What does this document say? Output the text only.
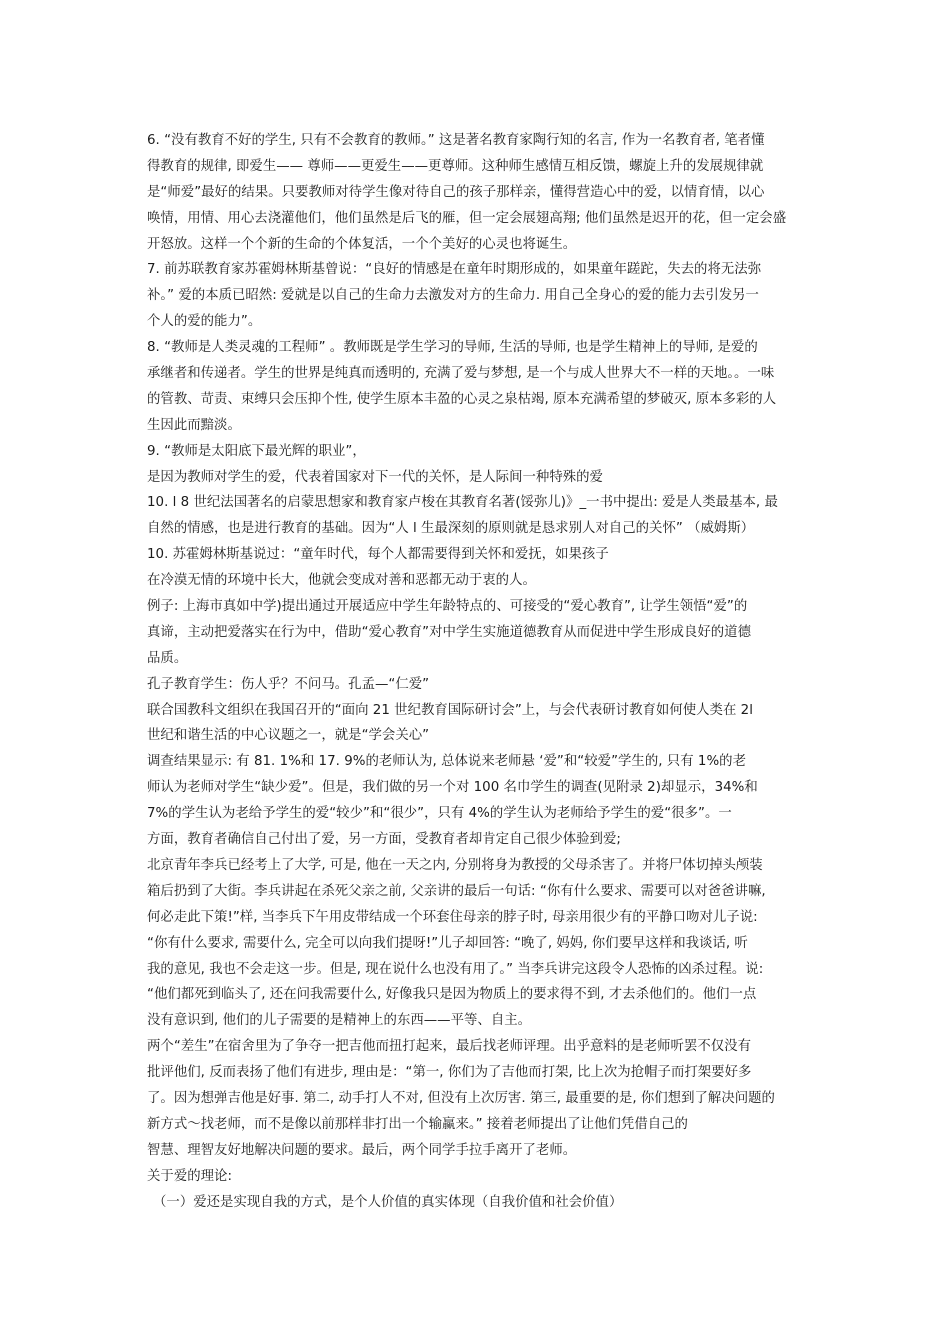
6. “没有教育不好的学生, 只有不会教育的教师。” 这是著名教育家陶行知的名言, 作为一名教育者, 笔者懂
得教育的规律, 即爱生—— 尊师——更爱生——更尊师。这种师生感情互相反馈，螺旋上升的发展规律就
是“师爱”最好的结果。只要教师对待学生像对待自己的孩子那样亲，懂得营造心中的爱，以情育情，以心
唤情，用情、用心去浇灌他们，他们虽然是后飞的雁，但一定会展翅高翔; 他们虽然是迟开的花，但一定会盛
开怒放。这样一个个新的生命的个体复活，一个个美好的心灵也将诞生。
7. 前苏联教育家苏霍姆林斯基曾说：“良好的情感是在童年时期形成的，如果童年蹉跎，失去的将无法弥
补。” 爱的本质已昭然: 爱就是以自己的生命力去激发对方的生命力. 用自己全身心的爱的能力去引发另一
个人的爱的能力”。
8. “教师是人类灵魂的工程师” 。教师既是学生学习的导师, 生活的导师, 也是学生精神上的导师, 是爱的
承继者和传递者。学生的世界是纯真而透明的, 充满了爱与梦想, 是一个与成人世界大不一样的天地。。一味
的管教、苛责、束缚只会压抑个性, 使学生原本丰盈的心灵之泉枯竭, 原本充满希望的梦破灭, 原本多彩的人
生因此而黯淡。
9. “教师是太阳底下最光辉的职业”，
是因为教师对学生的爱，代表着国家对下一代的关怀，是人际间一种特殊的爱
10. l 8 世纪法国著名的启蒙思想家和教育家卢梭在其教育名著(馁弥儿)》_一书中提出: 爱是人类最基本, 最
自然的情感，也是进行教育的基础。因为“人 l 生最深刻的原则就是恳求别人对自己的关怀” （威姆斯）
10. 苏霍姆林斯基说过：“童年时代，每个人都需要得到关怀和爱抚，如果孩子
在冷漠无情的环境中长大，他就会变成对善和恶都无动于衷的人。
例子: 上海市真如中学)提出通过开展适应中学生年龄特点的、可接受的“爱心教育”, 让学生领悟“爱”的
真谛，主动把爱落实在行为中，借助“爱心教育”对中学生实施道德教育从而促进中学生形成良好的道德
品质。
孔子教育学生：伤人乎？不问马。孔孟—“仁爱”
联合国教科文组织在我国召开的“面向 21 世纪教育国际研讨会”上，与会代表研讨教育如何使人类在 2l
世纪和谐生活的中心议题之一，就是“学会关心”
调查结果显示: 有 81. 1%和 17. 9%的老师认为, 总体说来老师悬 ‘爱”和“较爱”学生的, 只有 1%的老
师认为老师对学生“缺少爱”。但是，我们做的另一个对 100 名巾学生的调查(见附录 2)却显示，34%和
7%的学生认为老给予学生的爱“较少”和“很少”，只有 4%的学生认为老师给予学生的爱“很多”。一
方面，教育者确信自己付出了爱，另一方面，受教育者却肯定自己很少体验到爱;
北京青年李兵已经考上了大学, 可是, 他在一天之内, 分别将身为教授的父母杀害了。并将尸体切掉头颅装
箱后扔到了大街。李兵讲起在杀死父亲之前, 父亲讲的最后一句话: “你有什么要求、需要可以对爸爸讲嘛,
何必走此下策!”样, 当李兵下午用皮带结成一个环套住母亲的脖子时, 母亲用很少有的平静口吻对儿子说:
“你有什么要求, 需要什么, 完全可以向我们提呀!”儿子却回答: “晚了, 妈妈, 你们要早这样和我谈话, 听
我的意见, 我也不会走这一步。但是, 现在说什么也没有用了。” 当李兵讲完这段令人恐怖的凶杀过程。说:
“他们都死到临头了, 还在问我需要什么, 好像我只是因为物质上的要求得不到, 才去杀他们的。他们一点
没有意识到, 他们的儿子需要的是精神上的东西——平等、自主。
两个“差生”在宿舍里为了争夺一把吉他而扭打起来，最后找老师评理。出乎意料的是老师听罢不仅没有
批评他们, 反而表扬了他们有进步, 理由是：“第一, 你们为了吉他而打架, 比上次为抢帽子而打架要好多
了。因为想弹吉他是好事. 第二, 动手打人不对, 但没有上次厉害. 第三, 最重要的是, 你们想到了解决问题的
新方式～找老师，而不是像以前那样非打出一个输赢来。” 接着老师提出了让他们凭借自己的
智慧、理智友好地解决问题的要求。最后，两个同学手拉手离开了老师。
关于爱的理论:
（一）爱还是实现自我的方式，是个人价值的真实体现（自我价值和社会价值）
